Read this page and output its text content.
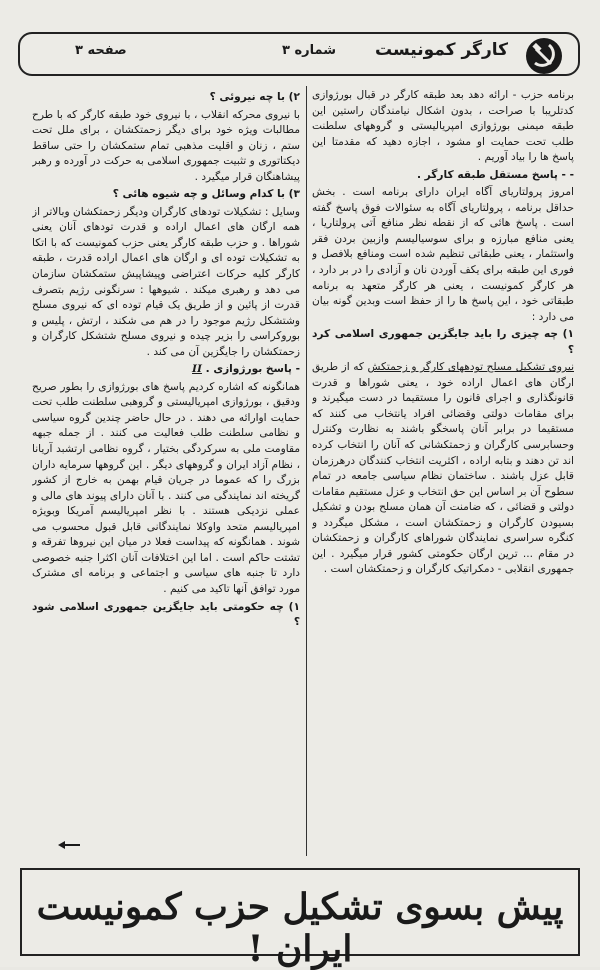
صفحه ۳	شماره ۳ کارگر کمونیست

برنامه حزب - ارائه دهد بعد طبقه کارگر در قبال بورژوازی کدتلریبا با صراحت ، بدون اشکال نیامندگان راستین این طبقه میمنی بورژوازی امپریالیستی و گروههای سلطنت طلب تحت حمایت او مشود ، اجازه دهید که مقدمتا این پاسخ ها را بیاد آوریم .

- - پاسخ مستقل طبقه کارگر .

امروز پرولتاریای آگاه ایران دارای برنامه است . بخش حداقل برنامه ، پرولتاریای آگاه به سئوالات فوق پاسخ گفته است . پاسخ هائی که از نقطه نظر منافع آتی پرولتاریا ، یعنی منافع مبارزه و برای سوسیالیسم وازبین بردن فقر واستثمار ، یعنی طبقاتی تنظیم شده است ومنافع بلافصل و فوری این طبقه برای یکف آوردن نان و آزادی را در بر دارد ، هر کارگر کمونیست ، یعنی هر کارگر متعهد به برنامه طبقاتی خود ، این پاسخ ها را از حفظ است وبدین گونه بیان می دارد :

۱) چه چیزی را باید جایگزین جمهوری اسلامی کرد ؟

نیروی تشکیل مسلح تودههای کارگر و زحمتکش که از طریق ارگان های اعمال اراده خود ، یعنی شوراها و قدرت قانونگذاری و اجرای قانون را مستقیما در دست میگیرند و برای مقامات دولتی وقضائی افراد یانتخاب می کنند که مستقیما در برابر آنان پاسخگو باشند به نظارت وکنترل وحسابرسی کارگران و زحمتکشانی که آنان را انتخاب کرده اند تن دهند و بتابه اراده ، اکثریت انتخاب کنندگان درهرزمان قابل عزل باشند . ساختمان نظام سیاسی جامعه در تمام سطوح آن بر اساس این حق انتخاب و عزل مستقیم مقامات دولتی و قضائی ، که ضامنت آن همان مسلح بودن و تشکیل بسیودن کارگران و زحمتکشان است ، مشکل میگردد و کنگره سراسری نمایندگان شوراهای کارگران و زحمتکشان در مقام ... ترین ارگان حکومتی کشور قرار میگیرد . این جمهوری انقلابی - دمکراتیک کارگران و زحمتکشان است .

۲) با چه نیروئی ؟

با نیروی محرکه انقلاب ، با نیروی خود طبقه کارگر که با طرح مطالبات ویژه خود برای دیگر زحمتکشان ، برای ملل تحت ستم ، زنان و اقلیت مذهبی تمام ستمکشان را حتی ساقط دیکتاتوری و تثبیت جمهوری اسلامی به حرکت در آورده و رهبر پیشاهنگان قرار میگیرد .

۳) با کدام وسائل و چه شیوه هائی ؟

وسایل : تشکیلات تودهای کارگران ودیگر زحمتکشان وبالاتر از همه ارگان های اعمال اراده و قدرت تودهای آنان یعنی شوراها . و حزب طبقه کارگر یعنی حزب کمونیست که با اتکا به تشکیلات توده ای و ارگان های اعمال اراده قدرت ، طبقه کارگر کلیه حرکات اعتراضی وپیشاپیش ستمکشان سازمان می دهد و رهبری میکند . شیوهها : سرنگونی رژیم بتصرف قدرت از پائین و از طریق یک قیام توده ای که نیروی مسلح وشتشکل رژیم موجود را در هم می شکند ، ارتش ، پلیس و بوروکراسی را بزیر چیده و نیروی مسلح شتشکل کارگران و زحمتکشان را جایگزین آن می کند .

- پاسخ بورژوازی . II

همانگونه که اشاره کردیم پاسخ های بورژوازی را بطور صریح ودقیق ، بورژوازی امپریالیستی و گروهبی سلطنت طلب تحت حمایت اوارائه می دهند . در حال حاضر چندین گروه سیاسی و نظامی سلطنت طلب فعالیت می کنند . از جمله جبهه مقاومت ملی به سرکردگی بختیار ، گروه نظامی ارتشبد آریانا ، نظام آزاد ایران و گروههای دیگر . این گروهها سرمایه داران بزرگ را که عموما در جریان قیام بهمن به خارج از کشور گریخته اند نمایندگی می کنند . با آنان دارای پیوند های مالی و عملی نزدیکی هستند . با نظر امپریالیسم آمریکا وبویژه امپریالیسم متحد واوکلا نمایندگانی قابل قبول محسوب می شوند . همانگونه که پیداست فعلا در میان این نیروها تفرقه و تشتت حاکم است . اما این اختلافات آنان اکثرا جنبه خصوصی دارد تا جنبه های سیاسی و اجتماعی و برنامه ای مشترک مورد توافق آنها تاکید می کنیم .

۱) چه حکومتی باید جایگزین جمهوری اسلامی شود ؟

پیش بسوی تشکیل حزب کمونیست ایران !
